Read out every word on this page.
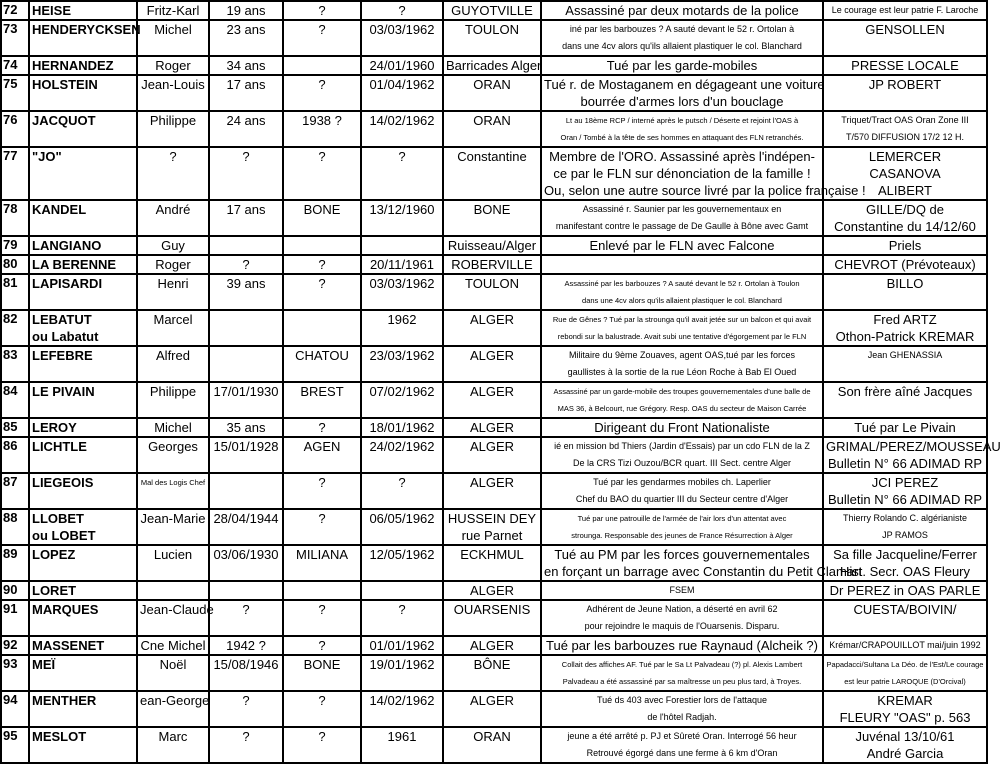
72	HEISE	Fritz-Karl	19 ans	?	?	GUYOTVILLE	Assassiné par deux motards de la police	Le courage est leur patrie F. Laroche

73	HENDERYCKSEN	Michel	23 ans	?	03/03/1962	TOULON	iné par les barbouzes ? A sauté devant le 52 r. Ortolan à
dans une 4cv alors qu'ils allaient plastiquer le col. Blanchard	GENSOLLEN

74	HERNANDEZ	Roger	34 ans		24/01/1960	Barricades Alger	Tué par les garde-mobiles	PRESSE LOCALE

75	HOLSTEIN	Jean-Louis	17 ans	?	01/04/1962	ORAN	Tué r. de Mostaganem en dégageant une voiture
bourrée d'armes lors d'un bouclage	JP ROBERT

76	JACQUOT	Philippe	24 ans	1938 ?	14/02/1962	ORAN	Lt au 18ème RCP / interné après le putsch / Déserte et rejoint l'OAS à
Oran / Tombé à la tête de ses hommes en attaquant des FLN retranchés.	Triquet/Tract OAS Oran Zone III
T/570 DIFFUSION 17/2 12 H.

77	"JO"	?	?	?	?	Constantine	Membre de l'ORO. Assassiné après l'indépen-
ce par le FLN sur dénonciation de la famille !
Ou, selon une autre source livré par la police française !	LEMERCER
CASANOVA
ALIBERT

78	KANDEL	André	17 ans	BONE	13/12/1960	BONE	Assassiné r. Saunier par les gouvernementaux en
manifestant contre le passage de De Gaulle à Bône avec Gamt	GILLE/DQ de
Constantine du 14/12/60

79	LANGIANO	Guy				Ruisseau/Alger	Enlevé par le FLN avec Falcone	Priels

80	LA BERENNE	Roger	?	?	20/11/1961	ROBERVILLE		CHEVROT (Prévoteaux)

81	LAPISARDI	Henri	39 ans	?	03/03/1962	TOULON	Assassiné par les barbouzes ? A sauté devant le 52 r. Ortolan à Toulon
dans une 4cv alors qu'ils allaient plastiquer le col. Blanchard	BILLO

82	LEBATUT
ou Labatut	Marcel			1962	ALGER	Rue de Gênes ? Tué par la strounga qu'il avait jetée sur un balcon et qui avait
rebondi sur la balustrade. Avait subi une tentative d'égorgement par le FLN	Fred ARTZ
Othon-Patrick KREMAR

83	LEFEBRE	Alfred		CHATOU	23/03/1962	ALGER	Militaire du 9ème Zouaves, agent OAS,tué par les forces
gaullistes à la sortie de la rue Léon Roche à Bab El Oued	Jean GHENASSIA

84	LE PIVAIN	Philippe	17/01/1930	BREST	07/02/1962	ALGER	Assassiné par un garde-mobile des troupes gouvernementales d'une balle de
MAS 36, à Belcourt, rue Grégory. Resp. OAS du secteur de Maison Carrée	Son frère aîné Jacques

85	LEROY	Michel	35 ans	?	18/01/1962	ALGER	Dirigeant du Front Nationaliste	Tué par Le Pivain

86	LICHTLE	Georges	15/01/1928	AGEN	24/02/1962	ALGER	ié en mission bd Thiers (Jardin d'Essais) par un cdo FLN de la Z
De la CRS Tizi Ouzou/BCR quart. III Sect. centre Alger	GRIMAL/PEREZ/MOUSSEAU
Bulletin N° 66 ADIMAD RP

87	LIEGEOIS	Mal des Logis Chef		?	?	ALGER	Tué par les gendarmes mobiles ch. Laperlier
Chef du BAO du quartier III du Secteur centre d'Alger	JCI PEREZ
Bulletin N° 66 ADIMAD RP

88	LLOBET
ou LOBET	Jean-Marie	28/04/1944	?	06/05/1962	HUSSEIN DEY
rue Parnet	Tué par une patrouille de l'armée de l'air lors d'un attentat avec
strounga. Responsable des jeunes de France Résurrection à Alger	Thierry Rolando C. algérianiste
JP RAMOS

89	LOPEZ	Lucien	03/06/1930	MILIANA	12/05/1962	ECKHMUL	Tué au PM par les forces gouvernementales
en forçant un barrage avec Constantin du Petit Clamart	Sa fille Jacqueline/Ferrer
Hist. Secr. OAS Fleury

90	LORET					ALGER	FSEM	Dr PEREZ in OAS PARLE

91	MARQUES	Jean-Claude	?	?	?	OUARSENIS	Adhérent de Jeune Nation, a déserté en avril 62
pour rejoindre le maquis de l'Ouarsenis. Disparu.	CUESTA/BOIVIN/

92	MASSENET	Cne Michel	1942 ?	?	01/01/1962	ALGER	Tué par les barbouzes rue Raynaud (Alcheik ?)	Krémar/CRAPOUILLOT mai/juin 1992

93	MEÏ	Noël	15/08/1946	BONE	19/01/1962	BÔNE	Collait des affiches AF. Tué par le Sa Lt Palvadeau (?) pl. Alexis Lambert
Palvadeau a été assassiné par sa maîtresse un peu plus tard, à Troyes.	Papadacci/Sultana La Déo. de l'Est/Le courage
est leur patrie LAROQUE (D'Orcival)

94	MENTHER	ean-George	?	?	14/02/1962	ALGER	Tué ds 403 avec Forestier lors de l'attaque
de l'hôtel Radjah.	KREMAR
FLEURY "OAS" p. 563

95	MESLOT	Marc	?	?	1961	ORAN	jeune a été arrêté p. PJ et Sûreté Oran. Interrogé 56 heur
Retrouvé égorgé dans une ferme à 6 km d'Oran	Juvénal 13/10/61
André Garcia
